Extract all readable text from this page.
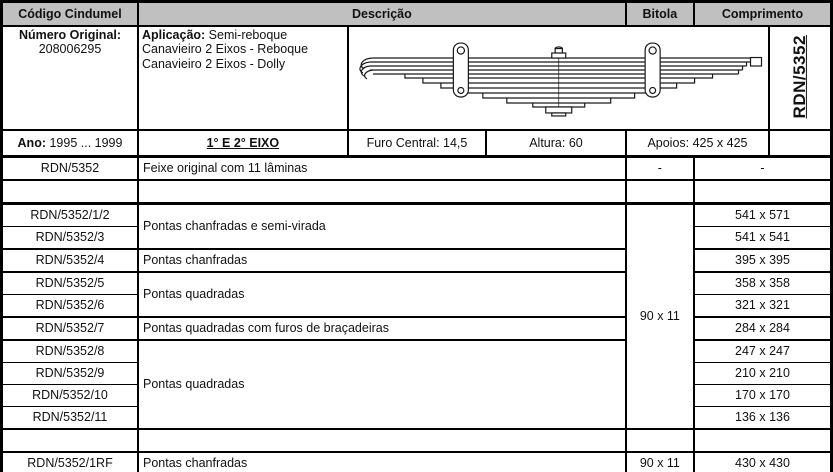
Número Original:
208006295
	Aplicação: Semi-reboque
Canavieiro 2 Eixos - Reboque
Canavieiro 2 Eixos - Dolly		RDN/5352

Ano: 1995 ... 1999	1° E 2° EIXO	Furo Central: 14,5	Altura: 60	Apoios: 425 x 425		
Código Cindumel	Descrição			Bitola	Comprimento	
RDN/5352	Feixe original com 11 lâminas			-	-	

RDN/5352/1/2	Pontas chanfradas e semi-virada			90 x 11	541 x 571	
RDN/5352/3					541 x 541	
RDN/5352/4	Pontas chanfradas				395 x 395	
RDN/5352/5	Pontas quadradas				358 x 358	
RDN/5352/6					321 x 321	
RDN/5352/7	Pontas quadradas com furos de braçadeiras				284 x 284	
RDN/5352/8	Pontas quadradas				247 x 247	
RDN/5352/9					210 x 210	
RDN/5352/10					170 x 170	
RDN/5352/11					136 x 136	

RDN/5352/1RF	Pontas chanfradas			90 x 11	430 x 430	
